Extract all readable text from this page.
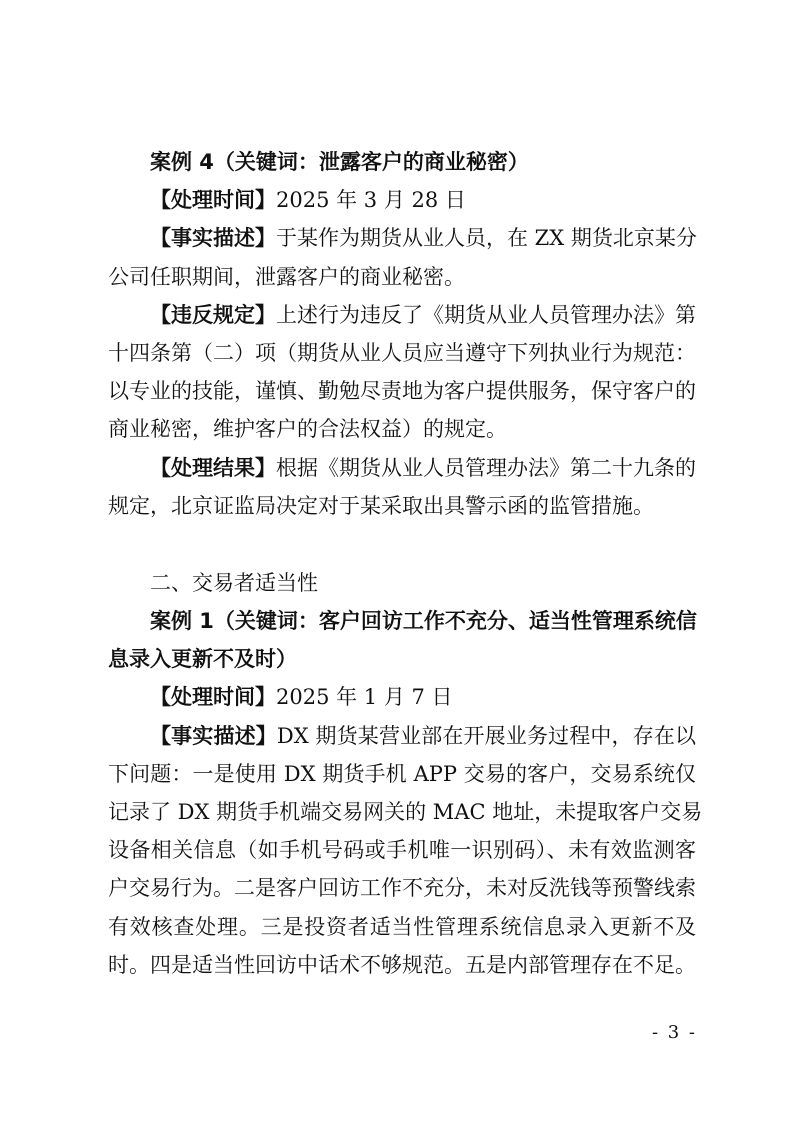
案例 4（关键词：泄露客户的商业秘密）
【处理时间】2025 年 3 月 28 日
【事实描述】于某作为期货从业人员，在 ZX 期货北京某分
公司任职期间，泄露客户的商业秘密。
【违反规定】上述行为违反了《期货从业人员管理办法》第
十四条第（二）项（期货从业人员应当遵守下列执业行为规范：
以专业的技能，谨慎、勤勉尽责地为客户提供服务，保守客户的
商业秘密，维护客户的合法权益）的规定。
【处理结果】根据《期货从业人员管理办法》第二十九条的
规定，北京证监局决定对于某采取出具警示函的监管措施。
二、交易者适当性
案例 1（关键词：客户回访工作不充分、适当性管理系统信
息录入更新不及时）
【处理时间】2025 年 1 月 7 日
【事实描述】DX 期货某营业部在开展业务过程中，存在以
下问题：一是使用 DX 期货手机 APP 交易的客户，交易系统仅
记录了 DX 期货手机端交易网关的 MAC 地址，未提取客户交易
设备相关信息（如手机号码或手机唯一识别码）、未有效监测客
户交易行为。二是客户回访工作不充分，未对反洗钱等预警线索
有效核查处理。三是投资者适当性管理系统信息录入更新不及
时。四是适当性回访中话术不够规范。五是内部管理存在不足。
- 3 -
